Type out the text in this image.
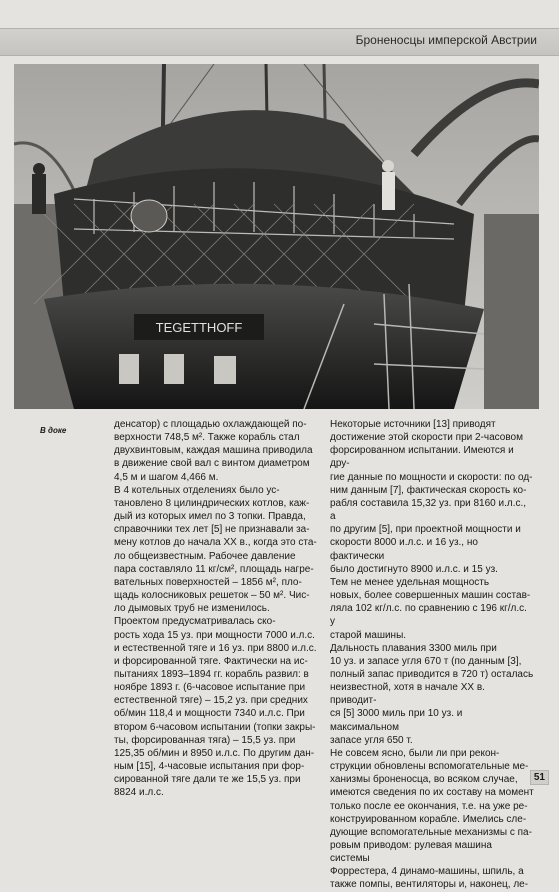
Броненосцы имперской Австрии
TEGETTHOFF
В доке

денсатор) с площадью охлаждающей по-
верхности 748,5 м². Также корабль стал
двухвинтовым, каждая машина приводила
в движение свой вал с винтом диаметром
4,5 м и шагом 4,466 м.

В 4 котельных отделениях было ус-
тановлено 8 цилиндрических котлов, каж-
дый из которых имел по 3 топки. Правда,
справочники тех лет [5] не признавали за-
мену котлов до начала XX в., когда это ста-
ло общеизвестным. Рабочее давление
пара составляло 11 кг/см², площадь нагре-
вательных поверхностей – 1856 м², пло-
щадь колосниковых решеток – 50 м². Чис-
ло дымовых труб не изменилось.

Проектом предусматривалась ско-
рость хода 15 уз. при мощности 7000 и.л.с.
и естественной тяге и 16 уз. при 8800 и.л.с.
и форсированной тяге. Фактически на ис-
пытаниях 1893–1894 гг. корабль развил: в
ноябре 1893 г. (6-часовое испытание при
естественной тяге) – 15,2 уз. при средних
об/мин 118,4 и мощности 7340 и.л.с. При
втором 6-часовом испытании (топки закры-
ты, форсированная тяга) – 15,5 уз. при
125,35 об/мин и 8950 и.л.с. По другим дан-
ным [15], 4-часовые испытания при фор-
сированной тяге дали те же 15,5 уз. при
8824 и.л.с.

Некоторые источники [13] приводят
достижение этой скорости при 2-часовом
форсированном испытании. Имеются и дру-
гие данные по мощности и скорости: по од-
ним данным [7], фактическая скорость ко-
рабля составила 15,32 уз. при 8160 и.л.с., а
по другим [5], при проектной мощности и
скорости 8000 и.л.с. и 16 уз., но фактически
было достигнуто 8900 и.л.с. и 15 уз.

Тем не менее удельная мощность
новых, более совершенных машин состав-
ляла 102 кг/л.с. по сравнению с 196 кг/л.с. у
старой машины.

Дальность плавания 3300 миль при
10 уз. и запасе угля 670 т (по данным [3],
полный запас приводится в 720 т) осталась
неизвестной, хотя в начале XX в. приводит-
ся [5] 3000 миль при 10 уз. и максимальном
запасе угля 650 т.

Не совсем ясно, были ли при рекон-
струкции обновлены вспомогательные ме-
ханизмы броненосца, во всяком случае,
имеются сведения по их составу на момент
только после ее окончания, т.е. на уже ре-
конструированном корабле. Имелись сле-
дующие вспомогательные механизмы с па-
ровым приводом: рулевая машина системы
Форрестера, 4 динамо-машины, шпиль, а
также помпы, вентиляторы и, наконец, ле-

51
